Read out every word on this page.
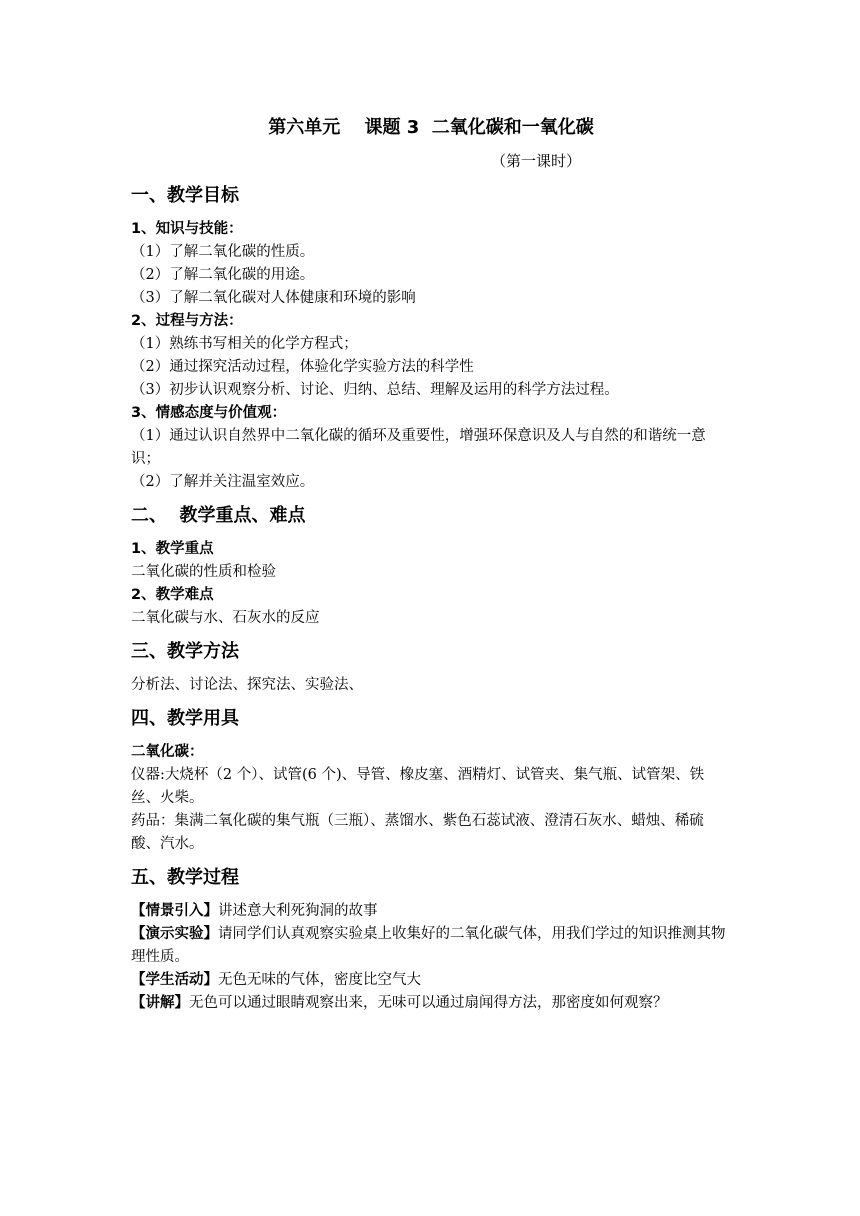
第六单元　 课题 3  二氧化碳和一氧化碳
（第一课时）
一、教学目标
1、知识与技能：
（1）了解二氧化碳的性质。
（2）了解二氧化碳的用途。
（3）了解二氧化碳对人体健康和环境的影响
2、过程与方法：
（1）熟练书写相关的化学方程式；
（2）通过探究活动过程，体验化学实验方法的科学性
（3）初步认识观察分析、讨论、归纳、总结、理解及运用的科学方法过程。
3、情感态度与价值观：
（1）通过认识自然界中二氧化碳的循环及重要性，增强环保意识及人与自然的和谐统一意识；
（2）了解并关注温室效应。
二、  教学重点、难点
1、教学重点
二氧化碳的性质和检验
2、教学难点
二氧化碳与水、石灰水的反应
三、教学方法
分析法、讨论法、探究法、实验法、
四、教学用具
二氧化碳：
仪器:大烧杯（2 个）、试管(6 个)、导管、橡皮塞、酒精灯、试管夹、集气瓶、试管架、铁丝、火柴。
药品：集满二氧化碳的集气瓶（三瓶）、蒸馏水、紫色石蕊试液、澄清石灰水、蜡烛、稀硫酸、汽水。
五、教学过程
【情景引入】讲述意大利死狗洞的故事
【演示实验】请同学们认真观察实验桌上收集好的二氧化碳气体，用我们学过的知识推测其物理性质。
【学生活动】无色无味的气体，密度比空气大
【讲解】无色可以通过眼睛观察出来，无味可以通过扇闻得方法，那密度如何观察？
